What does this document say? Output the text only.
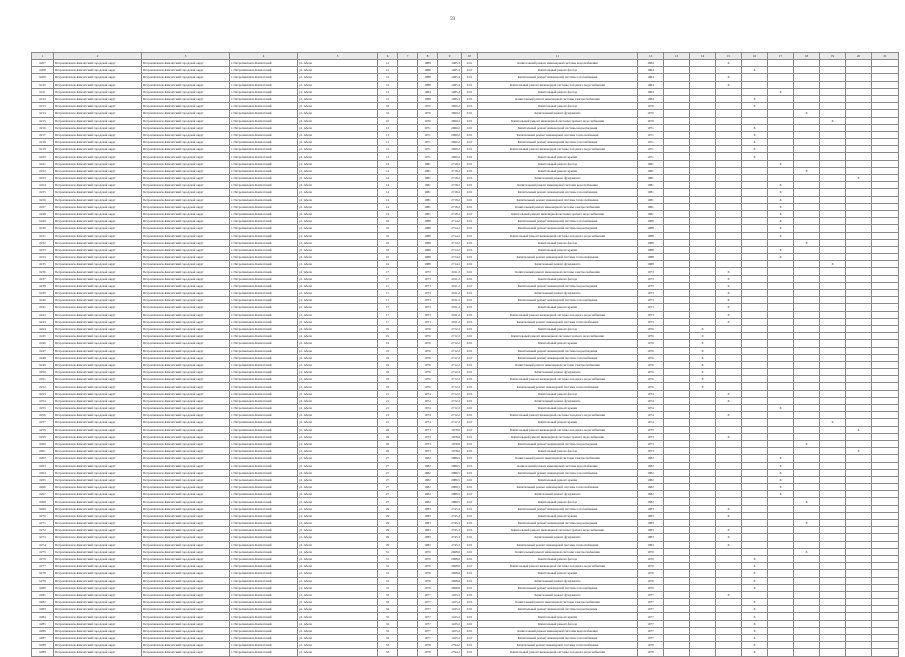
59
1	2	3	4	5	6	7	8	9	10	11	12	13	14	15	16	17	18	19	20	21
6207	Петропавловск-Камчатский городской округ	Петропавловск-Камчатский городской округ	г. Петропавловск-Камчатский	ул. Абеля	12		1988	1485.3	0.01	Капитальный ремонт инженерной системы водоснабжения	1984			X						
6208	Петропавловск-Камчатский городской округ	Петропавловск-Камчатский городской округ	г. Петропавловск-Камчатский	ул. Абеля	12		1988	1485.3	0.01	Капитальный ремонт фасада	1984				X					
6209	Петропавловск-Камчатский городской округ	Петропавловск-Камчатский городской округ	г. Петропавловск-Камчатский	ул. Абеля	12		1988	1485.3	0.01	Капитальный ремонт инженерной системы газоснабжения	1984			X						
6210	Петропавловск-Камчатский городской округ	Петропавловск-Камчатский городской округ	г. Петропавловск-Камчатский	ул. Абеля	12		1988	1485.3	0.01	Капитальный ремонт инженерной системы холодного водоснабжения	1984			X						
6211	Петропавловск-Камчатский городской округ	Петропавловск-Камчатский городской округ	г. Петропавловск-Камчатский	ул. Абеля	12		1984	1485.3	0.01	Капитальный ремонт фасада	1984					X				
6212	Петропавловск-Камчатский городской округ	Петропавловск-Камчатский городской округ	г. Петропавловск-Камчатский	ул. Абеля	12		1988	1485.3	0.01	Капитальный ремонт инженерной системы электроснабжения	1984				X					
6213	Петропавловск-Камчатский городской округ	Петропавловск-Камчатский городской округ	г. Петропавловск-Камчатский	ул. Абеля	10		1970	2690.2	0.01	Капитальный ремонт фасада	1970				X					
6214	Петропавловск-Камчатский городской округ	Петропавловск-Камчатский городской округ	г. Петропавловск-Камчатский	ул. Абеля	10		1970	2690.2	0.01	Капитальный ремонт фундамента	1970						X			
6215	Петропавловск-Камчатский городской округ	Петропавловск-Камчатский городской округ	г. Петропавловск-Камчатский	ул. Абеля	10		1970	2690.2	0.01	Капитальный ремонт инженерной системы горячего водоснабжения	1970							X		
6216	Петропавловск-Камчатский городской округ	Петропавловск-Камчатский городской округ	г. Петропавловск-Камчатский	ул. Абеля	13		1971	2690.2	0.01	Капитальный ремонт инженерной системы водоотведения	1971				X					
6217	Петропавловск-Камчатский городской округ	Петропавловск-Камчатский городской округ	г. Петропавловск-Камчатский	ул. Абеля	13		1971	2690.2	0.01	Капитальный ремонт инженерной системы теплоснабжения	1971				X					
6218	Петропавловск-Камчатский городской округ	Петропавловск-Камчатский городской округ	г. Петропавловск-Камчатский	ул. Абеля	13		1971	2690.2	0.01	Капитальный ремонт инженерной системы газоснабжения	1971				X					
6219	Петропавловск-Камчатский городской округ	Петропавловск-Камчатский городской округ	г. Петропавловск-Камчатский	ул. Абеля	13		1971	2690.2	0.01	Капитальный ремонт инженерной системы холодного водоснабжения	1971				X					
6220	Петропавловск-Камчатский городской округ	Петропавловск-Камчатский городской округ	г. Петропавловск-Камчатский	ул. Абеля	13		1971	2690.2	0.01	Капитальный ремонт крыши	1971				X					
6221	Петропавловск-Камчатский городской округ	Петропавловск-Камчатский городской округ	г. Петропавловск-Камчатский	ул. Абеля	14		1981	2718.2	0.01	Капитальный ремонт фасада	1981					X				
6222	Петропавловск-Камчатский городской округ	Петропавловск-Камчатский городской округ	г. Петропавловск-Камчатский	ул. Абеля	14		1981	2718.2	0.01	Капитальный ремонт крыши	1981						X			
6223	Петропавловск-Камчатский городской округ	Петропавловск-Камчатский городской округ	г. Петропавловск-Камчатский	ул. Абеля	14		1981	2718.2	0.01	Капитальный ремонт фундамента	1981								X	
6224	Петропавловск-Камчатский городской округ	Петропавловск-Камчатский городской округ	г. Петропавловск-Камчатский	ул. Абеля	14		1981	2718.2	0.01	Капитальный ремонт инженерной системы водоснабжения	1981					X				
6225	Петропавловск-Камчатский городской округ	Петропавловск-Камчатский городской округ	г. Петропавловск-Камчатский	ул. Абеля	14		1981	2718.2	0.01	Капитальный ремонт инженерной системы газоснабжения	1981					X				
6226	Петропавловск-Камчатский городской округ	Петропавловск-Камчатский городской округ	г. Петропавловск-Камчатский	ул. Абеля	14		1981	2718.2	0.01	Капитальный ремонт инженерной системы теплоснабжения	1981					X				
6227	Петропавловск-Камчатский городской округ	Петропавловск-Камчатский городской округ	г. Петропавловск-Камчатский	ул. Абеля	14		1981	2718.2	0.01	Капитальный ремонт инженерной системы электроснабжения	1981					X				
6228	Петропавловск-Камчатский городской округ	Петропавловск-Камчатский городской округ	г. Петропавловск-Камчатский	ул. Абеля	14		1981	2718.2	0.01	Капитальный ремонт инженерной системы горячего водоснабжения	1981					X				
6229	Петропавловск-Камчатский городской округ	Петропавловск-Камчатский городской округ	г. Петропавловск-Камчатский	ул. Абеля	16		1988	2714.2	0.01	Капитальный ремонт инженерной системы газоснабжения	1988					X				
6230	Петропавловск-Камчатский городской округ	Петропавловск-Камчатский городской округ	г. Петропавловск-Камчатский	ул. Абеля	16		1988	2714.2	0.01	Капитальный ремонт инженерной системы водоотведения	1988					X				
6231	Петропавловск-Камчатский городской округ	Петропавловск-Камчатский городской округ	г. Петропавловск-Камчатский	ул. Абеля	16		1988	2714.2	0.01	Капитальный ремонт инженерной системы холодного водоснабжения	1988					X				
6232	Петропавловск-Камчатский городской округ	Петропавловск-Камчатский городской округ	г. Петропавловск-Камчатский	ул. Абеля	16		1988	2714.2	0.01	Капитальный ремонт фасада	1988						X			
6233	Петропавловск-Камчатский городской округ	Петропавловск-Камчатский городской округ	г. Петропавловск-Камчатский	ул. Абеля	16		1988	2714.2	0.01	Капитальный ремонт крыши	1988					X				
6234	Петропавловск-Камчатский городской округ	Петропавловск-Камчатский городской округ	г. Петропавловск-Камчатский	ул. Абеля	16		1988	2714.2	0.01	Капитальный ремонт инженерной системы теплоснабжения	1988					X				
6235	Петропавловск-Камчатский городской округ	Петропавловск-Камчатский городской округ	г. Петропавловск-Камчатский	ул. Абеля	16		1988	2714.2	0.01	Капитальный ремонт фундамента	1988							X		
6236	Петропавловск-Камчатский городской округ	Петропавловск-Камчатский городской округ	г. Петропавловск-Камчатский	ул. Абеля	17		1973	2011.2	0.01	Капитальный ремонт инженерной системы электроснабжения	1973			X						
6237	Петропавловск-Камчатский городской округ	Петропавловск-Камчатский городской округ	г. Петропавловск-Камчатский	ул. Абеля	17		1973	2011.2	0.01	Капитальный ремонт фасада	1973			X						
6238	Петропавловск-Камчатский городской округ	Петропавловск-Камчатский городской округ	г. Петропавловск-Камчатский	ул. Абеля	17		1973	2011.2	0.01	Капитальный ремонт инженерной системы водоотведения	1973			X						
6239	Петропавловск-Камчатский городской округ	Петропавловск-Камчатский городской округ	г. Петропавловск-Камчатский	ул. Абеля	17		1973	2011.2	0.01	Капитальный ремонт фундамента	1973			X						
6240	Петропавловск-Камчатский городской округ	Петропавловск-Камчатский городской округ	г. Петропавловск-Камчатский	ул. Абеля	17		1973	2011.2	0.01	Капитальный ремонт инженерной системы газоснабжения	1973			X						
6241	Петропавловск-Камчатский городской округ	Петропавловск-Камчатский городской округ	г. Петропавловск-Камчатский	ул. Абеля	17		1973	2011.2	0.01	Капитальный ремонт крыши	1973			X						
6242	Петропавловск-Камчатский городской округ	Петропавловск-Камчатский городской округ	г. Петропавловск-Камчатский	ул. Абеля	17		1973	2011.2	0.01	Капитальный ремонт инженерной системы холодного водоснабжения	1973			X						
6243	Петропавловск-Камчатский городской округ	Петропавловск-Камчатский городской округ	г. Петропавловск-Камчатский	ул. Абеля	17		1973	2011.2	0.01	Капитальный ремонт инженерной системы теплоснабжения	1973			X						
6244	Петропавловск-Камчатский городской округ	Петропавловск-Камчатский городской округ	г. Петропавловск-Камчатский	ул. Абеля	19		1976	2712.2	0.01	Капитальный ремонт фасада	1976		X							
6245	Петропавловск-Камчатский городской округ	Петропавловск-Камчатский городской округ	г. Петропавловск-Камчатский	ул. Абеля	19		1976	2712.2	0.01	Капитальный ремонт инженерной системы горячего водоснабжения	1976		X							
6246	Петропавловск-Камчатский городской округ	Петропавловск-Камчатский городской округ	г. Петропавловск-Камчатский	ул. Абеля	19		1976	2712.2	0.01	Капитальный ремонт крыши	1976		X							
6247	Петропавловск-Камчатский городской округ	Петропавловск-Камчатский городской округ	г. Петропавловск-Камчатский	ул. Абеля	19		1976	2712.2	0.01	Капитальный ремонт инженерной системы водоотведения	1976		X							
6248	Петропавловск-Камчатский городской округ	Петропавловск-Камчатский городской округ	г. Петропавловск-Камчатский	ул. Абеля	19		1976	2712.2	0.01	Капитальный ремонт инженерной системы газоснабжения	1976		X							
6249	Петропавловск-Камчатский городской округ	Петропавловск-Камчатский городской округ	г. Петропавловск-Камчатский	ул. Абеля	19		1976	2712.2	0.01	Капитальный ремонт инженерной системы электроснабжения	1976		X							
6250	Петропавловск-Камчатский городской округ	Петропавловск-Камчатский городской округ	г. Петропавловск-Камчатский	ул. Абеля	19		1976	2712.2	0.01	Капитальный ремонт фундамента	1976		X							
6251	Петропавловск-Камчатский городской округ	Петропавловск-Камчатский городской округ	г. Петропавловск-Камчатский	ул. Абеля	19		1976	2712.2	0.01	Капитальный ремонт инженерной системы холодного водоснабжения	1976		X							
6252	Петропавловск-Камчатский городской округ	Петропавловск-Камчатский городской округ	г. Петропавловск-Камчатский	ул. Абеля	19		1976	2712.2	0.01	Капитальный ремонт инженерной системы теплоснабжения	1976		X							
6253	Петропавловск-Камчатский городской округ	Петропавловск-Камчатский городской округ	г. Петропавловск-Камчатский	ул. Абеля	21		1974	2712.2	0.01	Капитальный ремонт фасада	1974			X						
6254	Петропавловск-Камчатский городской округ	Петропавловск-Камчатский городской округ	г. Петропавловск-Камчатский	ул. Абеля	21		1974	2712.2	0.01	Капитальный ремонт фундамента	1974			X						
6255	Петропавловск-Камчатский городской округ	Петропавловск-Камчатский городской округ	г. Петропавловск-Камчатский	ул. Абеля	21		1974	2712.2	0.01	Капитальный ремонт крыши	1974					X				
6256	Петропавловск-Камчатский городской округ	Петропавловск-Камчатский городской округ	г. Петропавловск-Камчатский	ул. Абеля	21		1974	2712.2	0.01	Капитальный ремонт инженерной системы холодного водоснабжения	1974			X						
6257	Петропавловск-Камчатский городской округ	Петропавловск-Камчатский городской округ	г. Петропавловск-Камчатский	ул. Абеля	21		1974	2712.2	0.01	Капитальный ремонт крыши	1974							X		
6258	Петропавловск-Камчатский городской округ	Петропавловск-Камчатский городской округ	г. Петропавловск-Камчатский	ул. Абеля	26		1973	1678.0	0.01	Капитальный ремонт инженерной системы холодного водоснабжения	1973								X	
6259	Петропавловск-Камчатский городской округ	Петропавловск-Камчатский городской округ	г. Петропавловск-Камчатский	ул. Абеля	26		1973	1678.0	0.01	Капитальный ремонт инженерной системы горячего водоснабжения	1973			X						
6260	Петропавловск-Камчатский городской округ	Петропавловск-Камчатский городской округ	г. Петропавловск-Камчатский	ул. Абеля	26		1973	1678.0	0.01	Капитальный ремонт инженерной системы водоотведения	1973						X			
6261	Петропавловск-Камчатский городской округ	Петропавловск-Камчатский городской округ	г. Петропавловск-Камчатский	ул. Абеля	26		1973	1678.0	0.01	Капитальный ремонт фасада	1973								X	
6262	Петропавловск-Камчатский городской округ	Петропавловск-Камчатский городской округ	г. Петропавловск-Камчатский	ул. Абеля	27		1982	2989.5	0.01	Капитальный ремонт инженерной системы электроснабжения	1982					X				
6263	Петропавловск-Камчатский городской округ	Петропавловск-Камчатский городской округ	г. Петропавловск-Камчатский	ул. Абеля	27		1982	2989.5	0.01	Капитальный ремонт инженерной системы водоснабжения	1982					X				
6264	Петропавловск-Камчатский городской округ	Петропавловск-Камчатский городской округ	г. Петропавловск-Камчатский	ул. Абеля	27		1982	2989.5	0.01	Капитальный ремонт инженерной системы газоснабжения	1982					X				
6265	Петропавловск-Камчатский городской округ	Петропавловск-Камчатский городской округ	г. Петропавловск-Камчатский	ул. Абеля	27		1982	2989.5	0.01	Капитальный ремонт крыши	1982					X				
6266	Петропавловск-Камчатский городской округ	Петропавловск-Камчатский городской округ	г. Петропавловск-Камчатский	ул. Абеля	27		1982	2989.5	0.01	Капитальный ремонт инженерной системы теплоснабжения	1982					X				
6267	Петропавловск-Камчатский городской округ	Петропавловск-Камчатский городской округ	г. Петропавловск-Камчатский	ул. Абеля	27		1982	2989.5	0.01	Капитальный ремонт фундамента	1982					X				
6268	Петропавловск-Камчатский городской округ	Петропавловск-Камчатский городской округ	г. Петропавловск-Камчатский	ул. Абеля	27		1982	2989.5	0.01	Капитальный ремонт фасада	1982						X			
6269	Петропавловск-Камчатский городской округ	Петропавловск-Камчатский городской округ	г. Петропавловск-Камчатский	ул. Абеля	29		1983	2745.3	0.01	Капитальный ремонт инженерной системы газоснабжения	1983			X						
6270	Петропавловск-Камчатский городской округ	Петропавловск-Камчатский городской округ	г. Петропавловск-Камчатский	ул. Абеля	29		1983	2745.3	0.01	Капитальный ремонт крыши	1983			X						
6271	Петропавловск-Камчатский городской округ	Петропавловск-Камчатский городской округ	г. Петропавловск-Камчатский	ул. Абеля	29		1983	2745.3	0.01	Капитальный ремонт инженерной системы водоотведения	1983						X			
6272	Петропавловск-Камчатский городской округ	Петропавловск-Камчатский городской округ	г. Петропавловск-Камчатский	ул. Абеля	29		1983	2745.3	0.01	Капитальный ремонт инженерной системы горячего водоснабжения	1983			X						
6273	Петропавловск-Камчатский городской округ	Петропавловск-Камчатский городской округ	г. Петропавловск-Камчатский	ул. Абеля	29		1983	2745.3	0.01	Капитальный ремонт фундамента	1983			X						
6274	Петропавловск-Камчатский городской округ	Петропавловск-Камчатский городской округ	г. Петропавловск-Камчатский	ул. Абеля	29		1983	2745.3	0.01	Капитальный ремонт инженерной системы теплоснабжения	1983			X						
6275	Петропавловск-Камчатский городской округ	Петропавловск-Камчатский городской округ	г. Петропавловск-Камчатский	ул. Абеля	31		1970	2698.0	0.01	Капитальный ремонт инженерной системы электроснабжения	1970						X			
6276	Петропавловск-Камчатский городской округ	Петропавловск-Камчатский городской округ	г. Петропавловск-Камчатский	ул. Абеля	31		1970	2698.0	0.01	Капитальный ремонт фасада	1970				X					
6277	Петропавловск-Камчатский городской округ	Петропавловск-Камчатский городской округ	г. Петропавловск-Камчатский	ул. Абеля	31		1970	2698.0	0.01	Капитальный ремонт инженерной системы холодного водоснабжения	1970				X					
6278	Петропавловск-Камчатский городской округ	Петропавловск-Камчатский городской округ	г. Петропавловск-Камчатский	ул. Абеля	31		1970	2698.0	0.01	Капитальный ремонт крыши	1970				X					
6279	Петропавловск-Камчатский городской округ	Петропавловск-Камчатский городской округ	г. Петропавловск-Камчатский	ул. Абеля	31		1970	2698.0	0.01	Капитальный ремонт фундамента	1970				X					
6280	Петропавловск-Камчатский городской округ	Петропавловск-Камчатский городской округ	г. Петропавловск-Камчатский	ул. Абеля	31		1970	2698.0	0.01	Капитальный ремонт инженерной системы газоснабжения	1970				X					
6281	Петропавловск-Камчатский городской округ	Петропавловск-Камчатский городской округ	г. Петропавловск-Камчатский	ул. Абеля	32		1977	1225.2	0.01	Капитальный ремонт фундамента	1977			X						
6282	Петропавловск-Камчатский городской округ	Петропавловск-Камчатский городской округ	г. Петропавловск-Камчатский	ул. Абеля	32		1977	1225.2	0.01	Капитальный ремонт инженерной системы электроснабжения	1977				X					
6283	Петропавловск-Камчатский городской округ	Петропавловск-Камчатский городской округ	г. Петропавловск-Камчатский	ул. Абеля	32		1977	1225.2	0.01	Капитальный ремонт инженерной системы водоотведения	1977				X					
6284	Петропавловск-Камчатский городской округ	Петропавловск-Камчатский городской округ	г. Петропавловск-Камчатский	ул. Абеля	32		1977	1225.2	0.01	Капитальный ремонт крыши	1977				X					
6285	Петропавловск-Камчатский городской округ	Петропавловск-Камчатский городской округ	г. Петропавловск-Камчатский	ул. Абеля	32		1977	1225.2	0.01	Капитальный ремонт фасада	1977				X					
6286	Петропавловск-Камчатский городской округ	Петропавловск-Камчатский городской округ	г. Петропавловск-Камчатский	ул. Абеля	32		1977	1225.2	0.01	Капитальный ремонт инженерной системы водоснабжения	1977				X					
6287	Петропавловск-Камчатский городской округ	Петропавловск-Камчатский городской округ	г. Петропавловск-Камчатский	ул. Абеля	32		1977	1225.2	0.01	Капитальный ремонт инженерной системы газоснабжения	1977				X					
6288	Петропавловск-Камчатский городской округ	Петропавловск-Камчатский городской округ	г. Петропавловск-Камчатский	ул. Абеля	33		1978	2794.2	0.01	Капитальный ремонт инженерной системы теплоснабжения	1978				X					
6289	Петропавловск-Камчатский городской округ	Петропавловск-Камчатский городской округ	г. Петропавловск-Камчатский	ул. Абеля	33		1978	2794.2	0.01	Капитальный ремонт инженерной системы холодного водоснабжения	1978				X					
